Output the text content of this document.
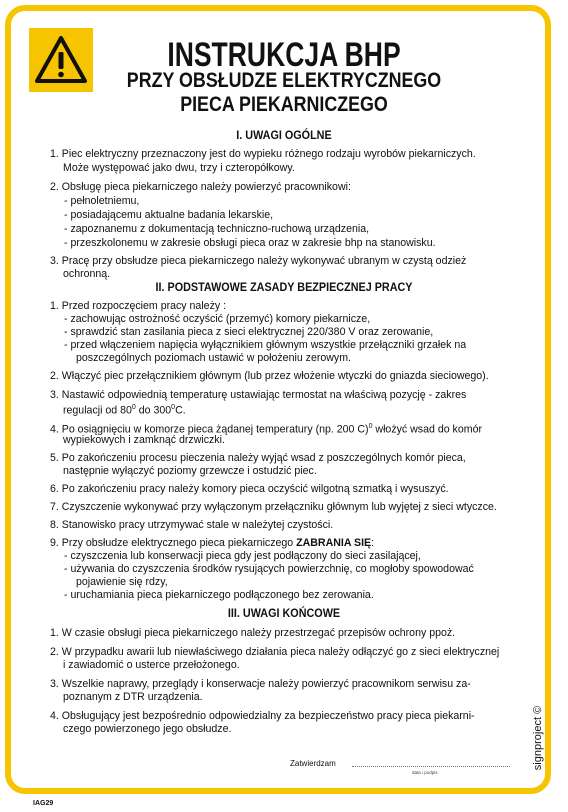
INSTRUKCJA BHP
PRZY OBSŁUDZE ELEKTRYCZNEGO
PIECA PIEKARNICZEGO
I. UWAGI OGÓLNE
1. Piec elektryczny przeznaczony jest do wypieku różnego rodzaju wyrobów piekarniczych.
Może występować jako dwu, trzy i czteropółkowy.
2. Obsługę pieca piekarniczego należy powierzyć pracownikowi:
- pełnoletniemu,
- posiadającemu aktualne badania lekarskie,
- zapoznanemu z dokumentacją techniczno-ruchową urządzenia,
- przeszkolonemu w zakresie obsługi pieca oraz w zakresie bhp na stanowisku.
3. Pracę przy obsłudze pieca piekarniczego należy wykonywać ubranym w czystą odzież
ochronną.
II. PODSTAWOWE ZASADY BEZPIECZNEJ PRACY
1. Przed rozpoczęciem pracy należy :
- zachowując ostrożność oczyścić (przemyć) komory piekarnicze,
- sprawdzić stan zasilania pieca z sieci elektrycznej 220/380 V oraz zerowanie,
- przed włączeniem napięcia wyłącznikiem głównym wszystkie przełączniki grzałek na
poszczególnych poziomach ustawić w położeniu zerowym.
2. Włączyć piec przełącznikiem głównym (lub przez włożenie wtyczki do gniazda sieciowego).
3. Nastawić odpowiednią temperaturę ustawiając termostat na właściwą pozycję - zakres
regulacji od $80^0$ do $300^0C$.
4. Po osiągnięciu w komorze pieca żądanej temperatury (np. 200 C)$^0$ włożyć wsad do komór
wypiekowych i zamknąć drzwiczki.
5. Po zakończeniu procesu pieczenia należy wyjąć wsad z poszczególnych komór pieca,
następnie wyłączyć poziomy grzewcze i ostudzić piec.
6. Po zakończeniu pracy należy komory pieca oczyścić wilgotną szmatką i wysuszyć.
7. Czyszczenie wykonywać przy wyłączonym przełączniku głównym lub wyjętej z sieci wtyczce.
8. Stanowisko pracy utrzymywać stale w należytej czystości.
9. Przy obsłudze elektrycznego pieca piekarniczego ZABRANIA SIĘ:
- czyszczenia lub konserwacji pieca gdy jest podłączony do sieci zasilającej,
- używania do czyszczenia środków rysujących powierzchnię, co mogłoby spowodować
pojawienie się rdzy,
- uruchamiania pieca piekarniczego podłączonego bez zerowania.
III. UWAGI KOŃCOWE
1. W czasie obsługi pieca piekarniczego należy przestrzegać przepisów ochrony ppoż.
2. W przypadku awarii lub niewłaściwego działania pieca należy odłączyć go z sieci elektrycznej
i zawiadomić o usterce przełożonego.
3. Wszelkie naprawy, przeglądy i konserwacje należy powierzyć pracownikom serwisu za-
poznanym z DTR urządzenia.
4. Obsługujący jest bezpośrednio odpowiedzialny za bezpieczeństwo pracy pieca piekarni-
czego powierzonego jego obsłudze.
Zatwierdzam
data i podpis
signproject ©
IAG29
